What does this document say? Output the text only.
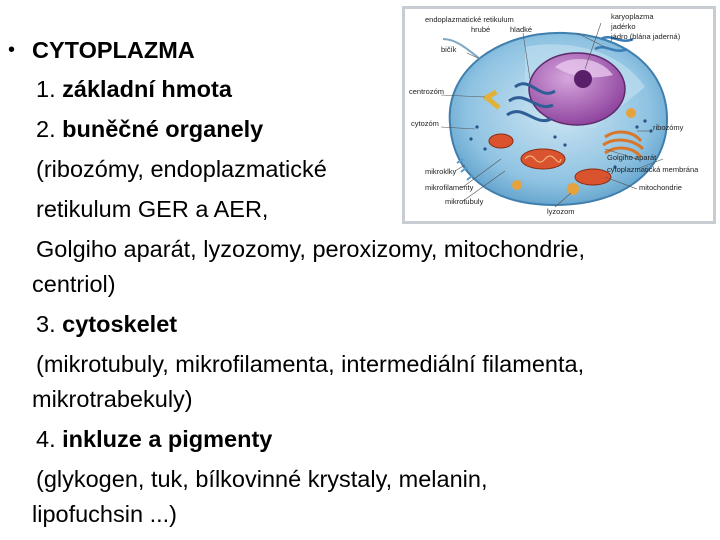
• CYTOPLAZMA
1. základní hmota
2. buněčné organely
(ribozómy, endoplazmatické
retikulum GER a AER,
Golgiho aparát, lyzozomy, peroxizomy, mitochondrie,
centriol)
3. cytoskelet
(mikrotubuly, mikrofilamenta, intermediální filamenta,
mikrotrabekuly)
4. inkluze a pigmenty
(glykogen, tuk, bílkovinné krystaly, melanin,
lipofuchsin ...)
endoplazmatické retikulum
hrubé	hladké
karyoplazma
jadérko
jádro (blána jaderná)
bičík
centrozóm
cytozóm	ribozómy
Golgiho aparát
cytoplazmatická membrána
mikroklky
mitochondrie
mikrofilamenty
mikrotubuly
lyzozom
